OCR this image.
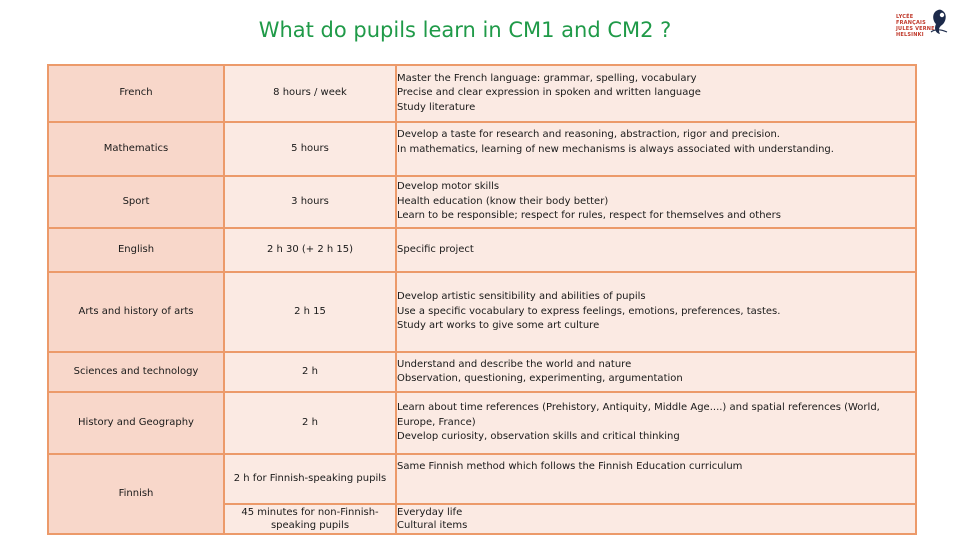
What do pupils learn in CM1 and CM2 ?
LYCÉE
FRANÇAIS
JULES VERNE
HELSINKI
French	8 hours / week	Master the French language: grammar, spelling, vocabulary
Precise and clear expression in spoken and written language
Study literature

Mathematics	5 hours	Develop a taste for research and reasoning, abstraction, rigor and precision.
In mathematics, learning of new mechanisms is always associated with understanding.

Sport	3 hours	Develop motor skills
Health education (know their body better)
Learn to be responsible; respect for rules, respect for themselves and others

English	2 h 30 (+ 2 h 15)	Specific project

Arts and history of arts	2 h 15	Develop artistic sensitibility and abilities of pupils
Use a specific vocabulary to express feelings, emotions, preferences, tastes.
Study art works to give some art culture

Sciences and technology	2 h	Understand and describe the world and nature
Observation, questioning, experimenting, argumentation

History and Geography	2 h	Learn about time references (Prehistory, Antiquity, Middle Age....) and spatial references (World, Europe, France)
Develop curiosity, observation skills and critical thinking

Finnish	2 h for Finnish-speaking pupils	Same Finnish method which follows the Finnish Education curriculum

	45 minutes for non-Finnish-speaking pupils	Everyday life
Cultural items
